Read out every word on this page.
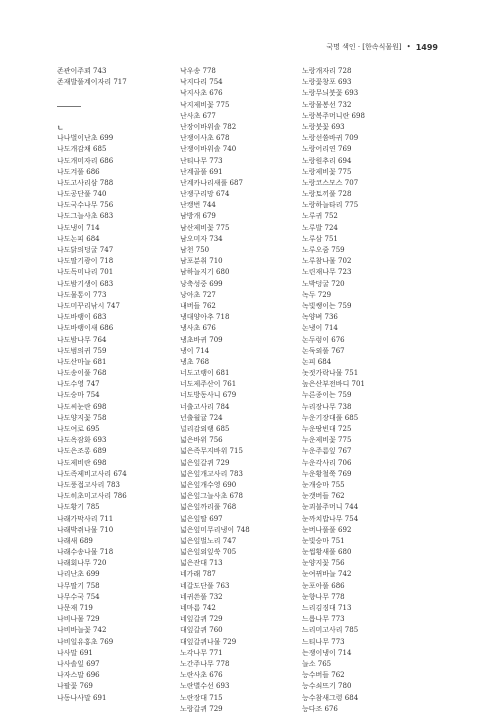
국명 색인 · [한속식물원] • 1499
존관이주꾀 743
존재발풀계이자리 717
ㄴ
나나벌이난초 699
나도개감채 685
나도개미자리 686
나도겨풀 686
나도고사리삼 788
나도공단풀 740
나도국수나무 756
나도그늘사초 683
나도냉이 714
나도논피 684
나도닭의덩굴 747
나도딸기광이 718
나도독미나리 701
나도밤기생이 683
나도물통이 773
나도미꾸리낚시 747
나도바랭이 683
나도바랭이새 686
나도밤나무 764
나도범의귀 759
나도산마늘 681
나도송이풀 768
나도수영 747
나도승마 754
나도씨눈란 698
나도양지꽃 758
나도여로 695
나도옥잠화 693
나도은조롱 689
나도제비란 698
나도족제비고사리 674
나도풍접고사리 783
나도히초미고사리 786
나도황기 785
나래가막사리 711
나래박쥐나물 710
나래새 689
나래수송나물 718
나래회나무 720
나리난초 699
나무딸기 758
나무수국 754
나문재 719
나비나물 729
나비바늘꽃 742
나비일유홍초 769
나사말 691
나사솔잎 697
나자스말 696
나팔꽃 769
나동나사말 691
낙우송 778
낙지다리 754
낙지사초 676
낙지제비꽃 775
난사초 677
난장이바위솔 782
난쟁이사초 678
난쟁이바위솔 740
난티나무 773
난계골풀 691
난계카나리새풀 687
난쟁구리망 674
난캥번 744
남방개 679
남산제비꽃 775
남오미자 734
남천 750
남포분취 710
남하늘지기 680
낭축성중 699
낭아초 727
내버들 762
냉대양아추 718
냉사초 676
냉초바귀 709
냉이 714
냉초 768
너도고랭이 681
너도제주산이 761
너도방동사니 679
너출고사리 784
넌출월귤 724
널리감외랭 685
넓은바위 756
넓은족무지바위 715
넓은잎갈퀴 729
넓은잎개고사리 783
넓은잎개수영 690
넓은잎그늘사초 678
넓은잎까리풀 768
넓은잎딸 697
넓은잎미무리냉이 748
넓은잎벌노리 747
넓은잎외잎쑥 705
넓은잔대 713
네가래 787
네갈도단풀 763
네귀쓴풀 732
네마름 742
네잎갈퀴 729
대잎갈퀴 760
대잎갈퀴나물 729
노각나무 771
노간주나무 778
노란사초 676
노란별수선 693
노란장대 715
노랑갈퀴 729
노랑개자리 728
노랑꽃창포 693
노랑무늬붓꽃 693
노랑물봉선 732
노랑복주머니란 698
노랑붓꽃 693
노랑선씀바귀 709
노랑어리연 769
노랑원추리 694
노랑제비꽃 775
노랑코스모스 707
노랑토끼풀 728
노랑하늘타리 775
노루귀 752
노루발 724
노루삼 751
노루오줌 759
노루참나물 702
노린재나무 723
노박덩굴 720
녹두 729
녹빛쌩이는 759
녹양벼 736
논냉이 714
논두렁이 676
논둑외풀 767
논피 684
놋젓가락나물 751
높은산부전바디 701
누른종이는 759
누리장나무 738
누운기장대풀 685
누운땅빈대 725
누운제비꽃 775
누운주름잎 767
누운각사리 706
누운황철쭉 769
눈개승마 755
눈갯버들 762
눈괴불주머니 744
눈까치밥나무 754
눈버나풀풀 692
눈빛승마 751
눈썹황새풀 680
눈양지꽃 756
눈여뀌바늘 742
눈포아풀 686
눈향나무 778
느리김징대 713
느릅나무 773
느리미고사리 785
느티나무 773
는쟁이냉이 714
늘소 765
능수버들 762
능수쇠뜨기 780
능수참새그령 684
능다조 676
